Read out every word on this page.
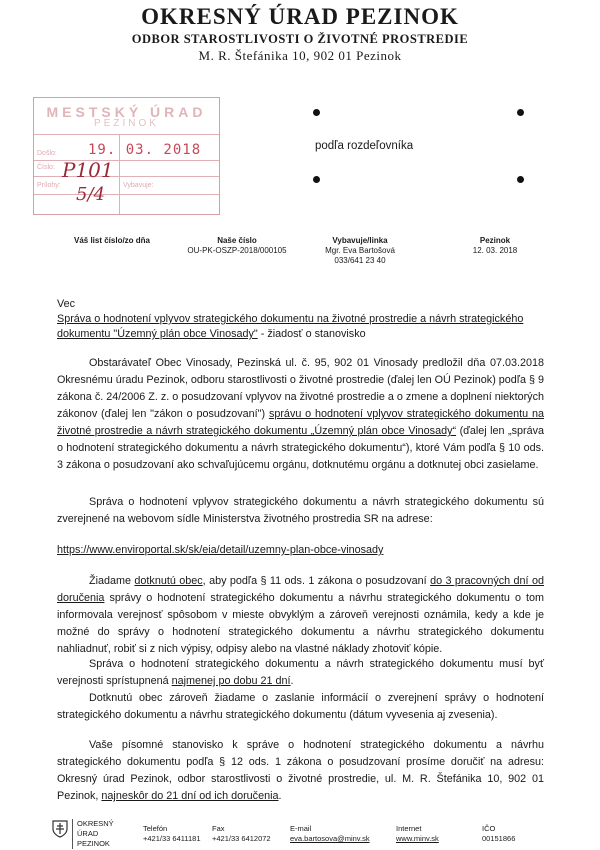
OKRESNÝ ÚRAD PEZINOK
ODBOR STAROSTLIVOSTI O ŽIVOTNÉ PROSTREDIE
M. R. Štefánika 10, 902 01 Pezinok
MESTSKÝ ÚRAD
PEZINOK
Došlo: 19. 03. 2018
Číslo:
Prílohy:	Vybavuje:
P101
5/4
podľa rozdeľovníka
Váš list číslo/zo dňa	Naše číslo
OU-PK-OSZP-2018/000105
Vybavuje/linka
Mgr. Eva Bartošová
033/641 23 40
Pezinok
12. 03. 2018
Vec
Správa o hodnotení vplyvov strategického dokumentu na životné prostredie a návrh strategického
dokumentu "Územný plán obce Vinosady" - žiadosť o stanovisko
Obstarávateľ Obec Vinosady, Pezinská ul. č. 95, 902 01 Vinosady predložil dňa 07.03.2018 Okresnému úradu Pezinok, odboru starostlivosti o životné prostredie (ďalej len OÚ Pezinok) podľa § 9 zákona č. 24/2006 Z. z. o posudzovaní vplyvov na životné prostredie a o zmene a doplnení niektorých zákonov (ďalej len "zákon o posudzovaní") správu o hodnotení vplyvov strategického dokumentu na životné prostredie a návrh strategického dokumentu „Územný plán obce Vinosady“ (ďalej len „správa o hodnotení strategického dokumentu a návrh strategického dokumentu“), ktoré Vám podľa § 10 ods. 3 zákona o posudzovaní ako schvaľujúcemu orgánu, dotknutému orgánu a dotknutej obci zasielame.
Správa o hodnotení vplyvov strategického dokumentu a návrh strategického dokumentu sú zverejnené na webovom sídle Ministerstva životného prostredia SR na adrese:
https://www.enviroportal.sk/sk/eia/detail/uzemny-plan-obce-vinosady
Žiadame dotknutú obec, aby podľa § 11 ods. 1 zákona o posudzovaní do 3 pracovných dní od doručenia správy o hodnotení strategického dokumentu a návrhu strategického dokumentu o tom informovala verejnosť spôsobom v mieste obvyklým a zároveň verejnosti oznámila, kedy a kde je možné do správy o hodnotení strategického dokumentu a návrhu strategického dokumentu nahliadnuť, robiť si z nich výpisy, odpisy alebo na vlastné náklady zhotoviť kópie.
Správa o hodnotení strategického dokumentu a návrh strategického dokumentu musí byť verejnosti sprístupnená najmenej po dobu 21 dní.
Dotknutú obec zároveň žiadame o zaslanie informácií o zverejnení správy o hodnotení strategického dokumentu a návrhu strategického dokumentu (dátum vyvesenia aj zvesenia).
Vaše písomné stanovisko k správe o hodnotení strategického dokumentu a návrhu strategického dokumentu podľa § 12 ods. 1 zákona o posudzovaní prosíme doručiť na adresu: Okresný úrad Pezinok, odbor starostlivosti o životné prostredie, ul. M. R. Štefánika 10, 902 01 Pezinok, najneskôr do 21 dní od ich doručenia.
OKRESNÝ
ÚRAD
PEZINOK
Telefón
+421/33 6411181
Fax
+421/33 6412072
E-mail
eva.bartosova@minv.sk
Internet
www.minv.sk
IČO
00151866
